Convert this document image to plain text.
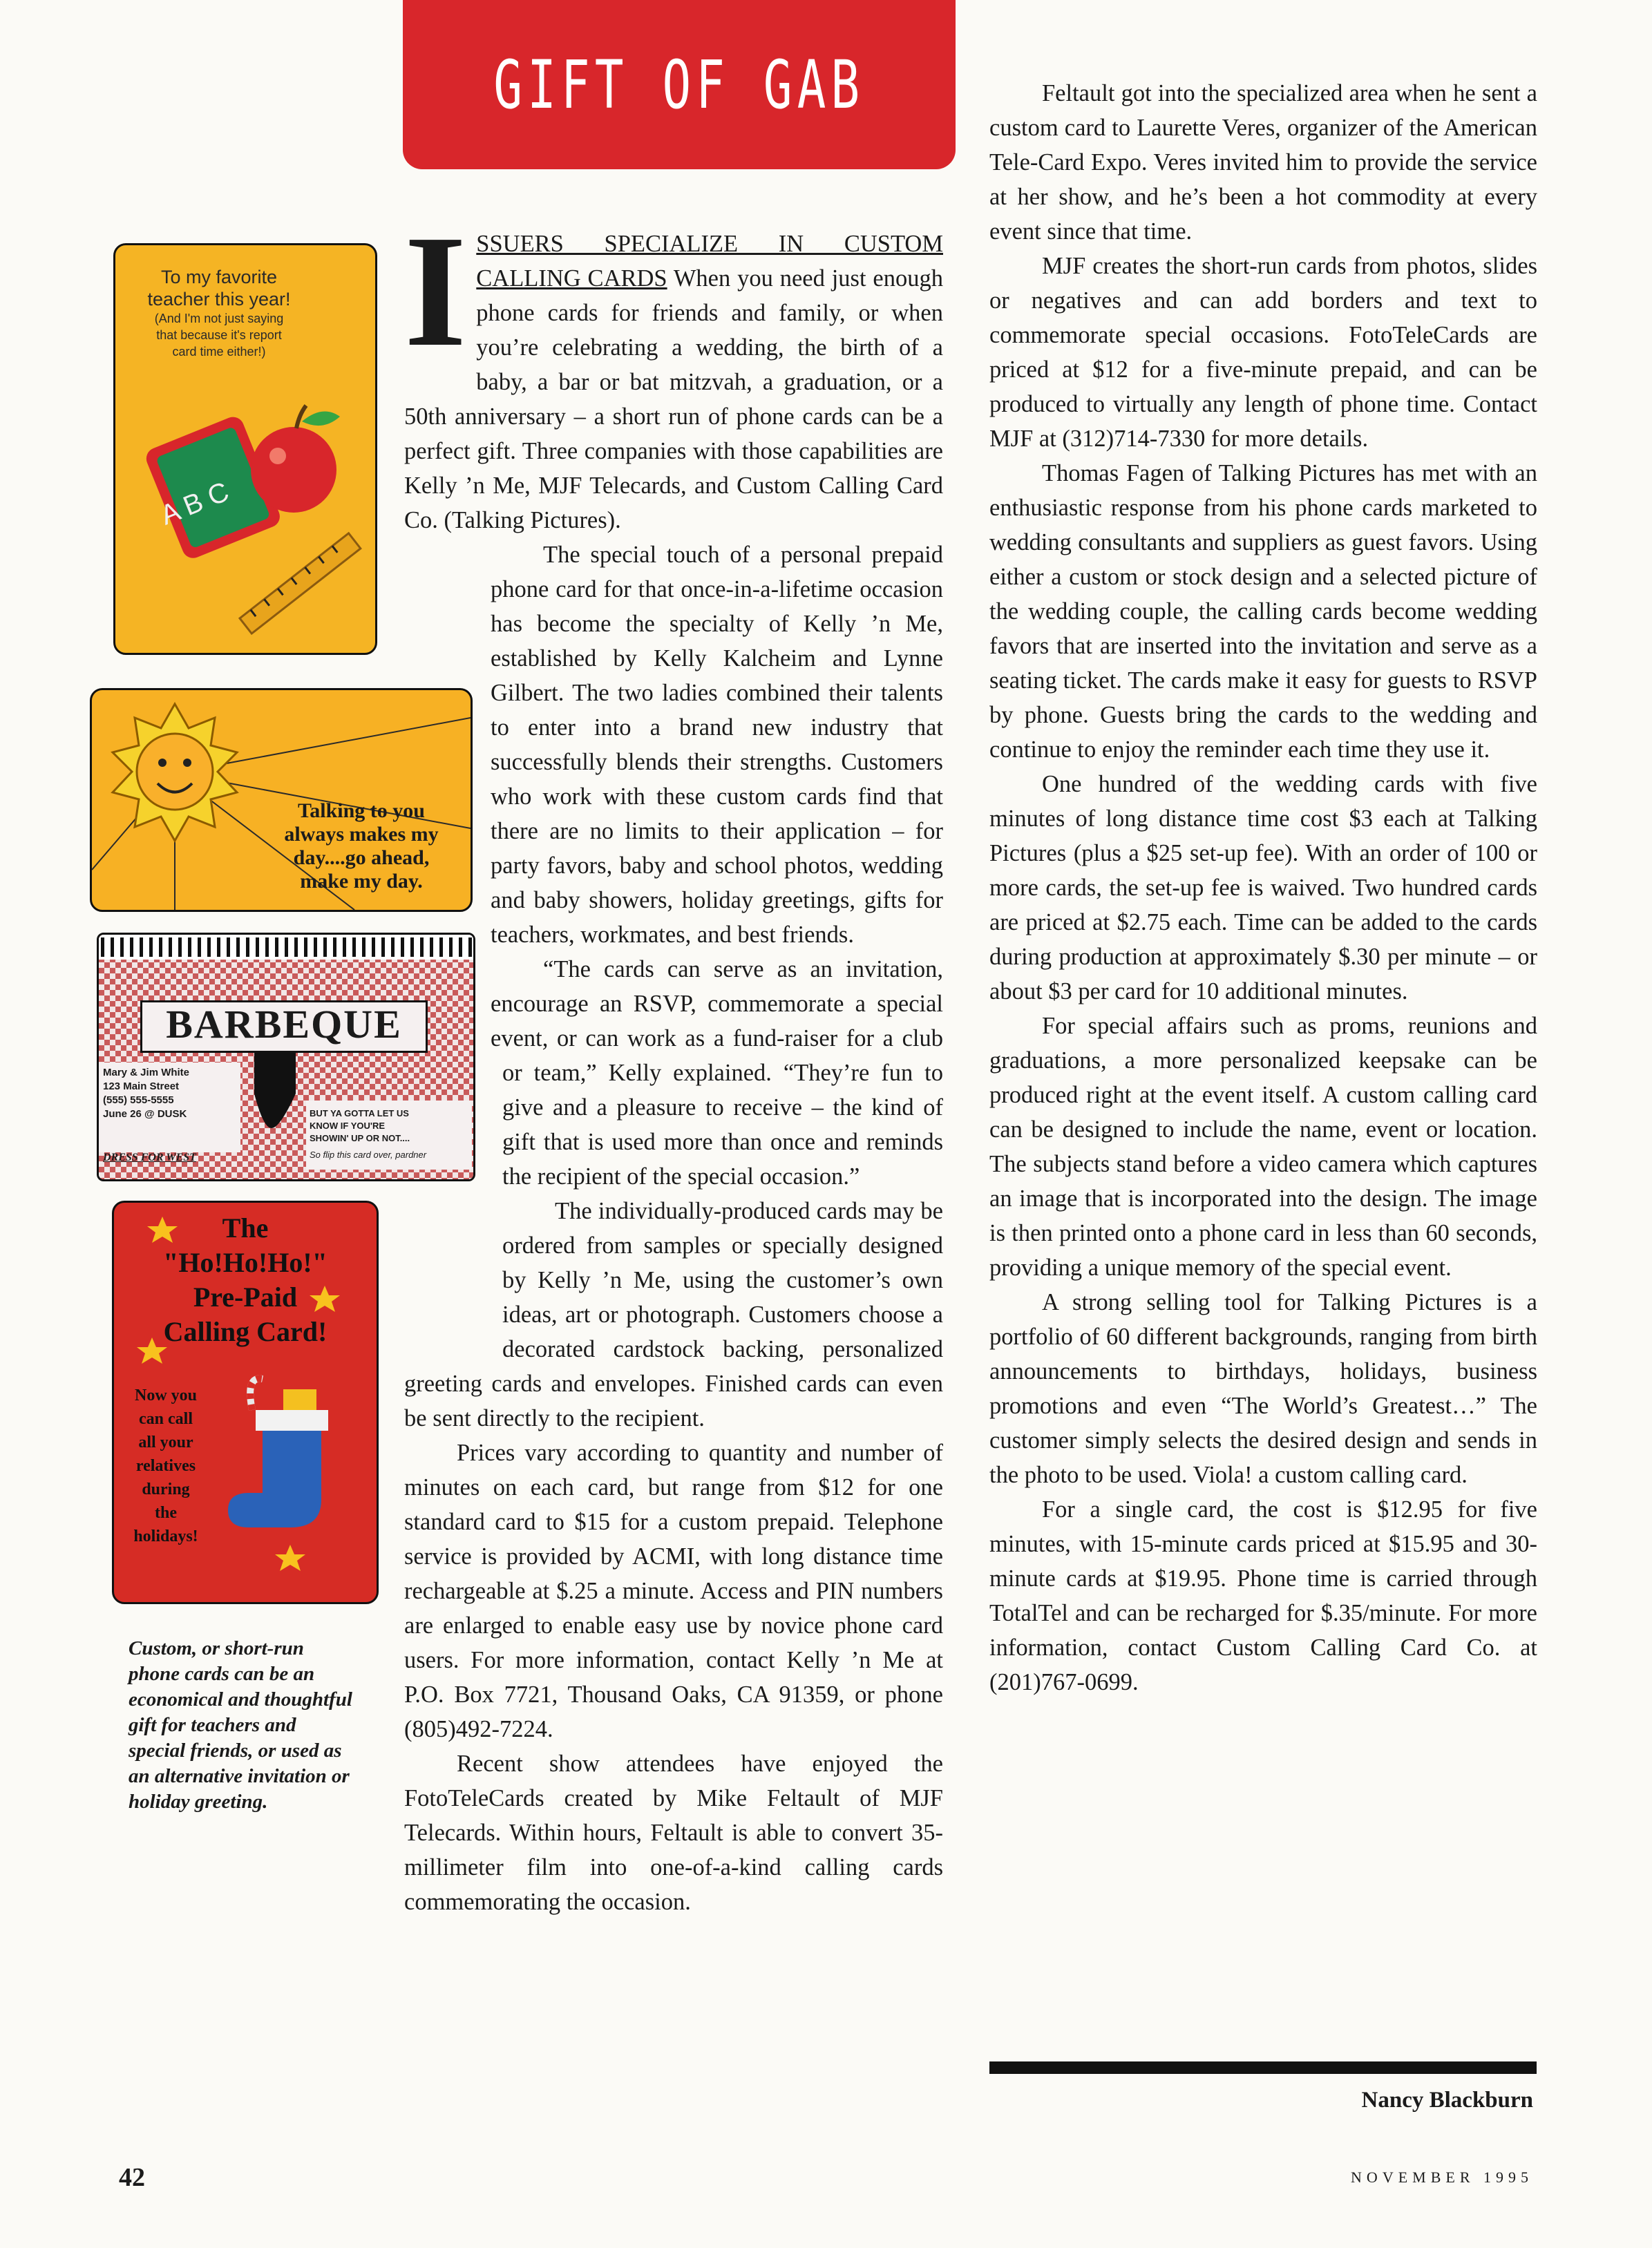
GIFT OF GAB
To my favorite
teacher this year!
(And I'm not just saying
that because it's report
card time either!)
A B C
Talking to you
always makes my
day....go ahead,
make my day.
BARBEQUE
Mary & Jim White
123 Main Street
(555) 555-5555
June 26 @ DUSK
DRESS FOR WEST
BUT YA GOTTA LET US
KNOW IF YOU'RE
SHOWIN' UP OR NOT....
So flip this card over, pardner
The
"Ho!Ho!Ho!"
Pre-Paid
Calling Card!
Now you
can call
all your
relatives
during
the
holidays!
Custom, or short-run phone cards can be an economical and thoughtful gift for teachers and special friends, or used as an alternative invitation or holiday greeting.

ISSUERS SPECIALIZE IN CUSTOM CALLING CARDS When you need just enough phone cards for friends and family, or when you’re celebrating a wedding, the birth of a baby, a bar or bat mitzvah, a graduation, or a 50th anniversary – a short run of phone cards can be a perfect gift. Three companies with those capabilities are Kelly ’n Me, MJF Telecards, and Custom Calling Card Co. (Talking Pictures).

The special touch of a personal prepaid phone card for that once-in-a-lifetime occasion has become the specialty of Kelly ’n Me, established by Kelly Kalcheim and Lynne Gilbert. The two ladies combined their talents to enter into a brand new industry that successfully blends their strengths. Customers who work with these custom cards find that there are no limits to their application – for party favors, baby and school photos, wedding and baby showers, holiday greetings, gifts for teachers, workmates, and best friends.

“The cards can serve as an invitation, encourage an RSVP, commemorate a special event, or can work as a fund-raiser for a club or team,” Kelly explained. “They’re fun to give and a pleasure to receive – the kind of gift that is used more than once and reminds the recipient of the special occasion.”

The individually-produced cards may be ordered from samples or specially designed by Kelly ’n Me, using the customer’s own ideas, art or photograph. Customers choose a decorated cardstock backing, personalized greeting cards and envelopes. Finished cards can even be sent directly to the recipient.

Prices vary according to quantity and number of minutes on each card, but range from $12 for one standard card to $15 for a custom prepaid. Telephone service is provided by ACMI, with long distance time rechargeable at $.25 a minute. Access and PIN numbers are enlarged to enable easy use by novice phone card users. For more information, contact Kelly ’n Me at P.O. Box 7721, Thousand Oaks, CA 91359, or phone (805)492-7224.

Recent show attendees have enjoyed the FotoTeleCards created by Mike Feltault of MJF Telecards. Within hours, Feltault is able to convert 35-millimeter film into one-of-a-kind calling cards commemorating the occasion.

Feltault got into the specialized area when he sent a custom card to Laurette Veres, organizer of the American Tele-Card Expo. Veres invited him to provide the service at her show, and he’s been a hot commodity at every event since that time.

MJF creates the short-run cards from photos, slides or negatives and can add borders and text to commemorate special occasions. FotoTeleCards are priced at $12 for a five-minute prepaid, and can be produced to virtually any length of phone time. Contact MJF at (312)714-7330 for more details.

Thomas Fagen of Talking Pictures has met with an enthusiastic response from his phone cards marketed to wedding consultants and suppliers as guest favors. Using either a custom or stock design and a selected picture of the wedding couple, the calling cards become wedding favors that are inserted into the invitation and serve as a seating ticket. The cards make it easy for guests to RSVP by phone. Guests bring the cards to the wedding and continue to enjoy the reminder each time they use it.

One hundred of the wedding cards with five minutes of long distance time cost $3 each at Talking Pictures (plus a $25 set-up fee). With an order of 100 or more cards, the set-up fee is waived. Two hundred cards are priced at $2.75 each. Time can be added to the cards during production at approximately $.30 per minute – or about $3 per card for 10 additional minutes.

For special affairs such as proms, reunions and graduations, a more personalized keepsake can be produced right at the event itself. A custom calling card can be designed to include the name, event or location. The subjects stand before a video camera which captures an image that is incorporated into the design. The image is then printed onto a phone card in less than 60 seconds, providing a unique memory of the special event.

A strong selling tool for Talking Pictures is a portfolio of 60 different backgrounds, ranging from birth announcements to birthdays, holidays, business promotions and even “The World’s Greatest…” The customer simply selects the desired design and sends in the photo to be used. Viola! a custom calling card.

For a single card, the cost is $12.95 for five minutes, with 15-minute cards priced at $15.95 and 30-minute cards at $19.95. Phone time is carried through TotalTel and can be recharged for $.35/minute. For more information, contact Custom Calling Card Co. at (201)767-0699.

Nancy Blackburn
42	NOVEMBER 1995
